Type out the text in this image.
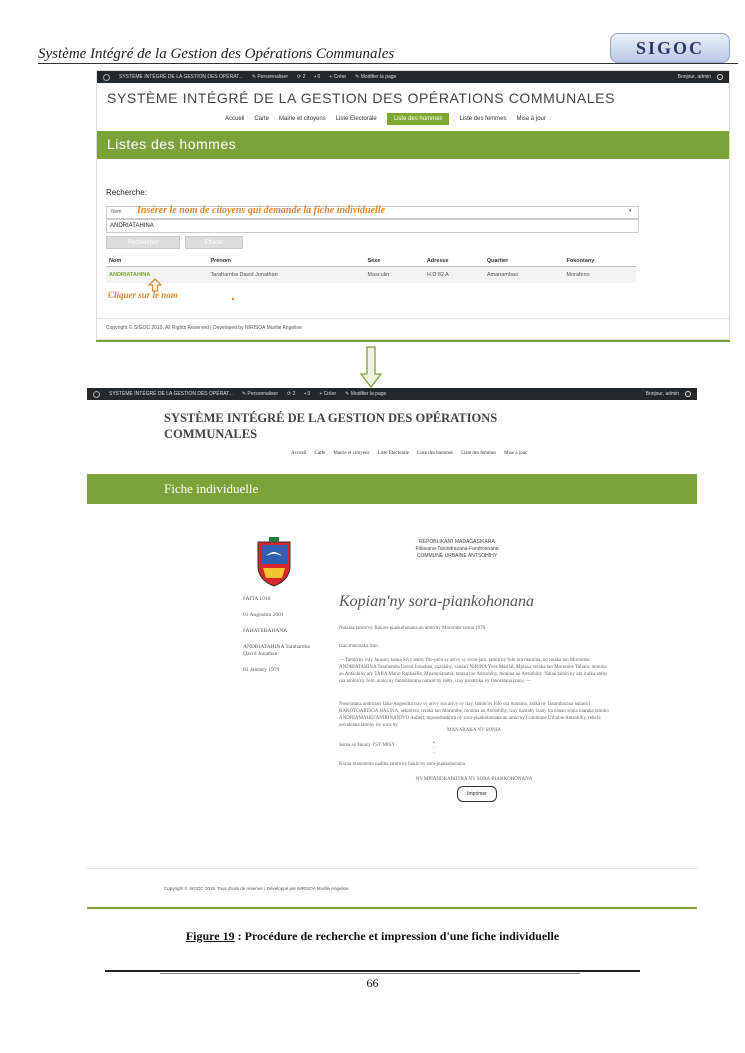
Système Intégré de la Gestion des Opérations Communales	SIGOC
SYSTÈME INTÉGRÉ DE LA GESTION DES OPÉRAT... ✎ Personnaliser ⟳ 2 ▪ 0 + Créer ✎ Modifier la page	Bonjour, admin
SYSTÈME INTÉGRÉ DE LA GESTION DES OPÉRATIONS COMMUNALES
Accueil Carte Mairie et citoyens Liste Electorale	Liste des hommes	Liste des femmes Mise à jour
Listes des hommes
Recherche:
Nom Insérer le nom de citoyens qui demande la fiche individuelle	▾
ANDRIATAHINA
Rechercher	Effacer
Nom	Prénom	Sexe	Adresse	Quartier	Fokontany
ANDRIATAHINA	Tarahamba David Jonathan	Masculin	H.D 82 A	Amanambao	Morafeno
Cliquer sur le nom
Copyright © SIGOC 2019. All Rights Reserved | Developed by NIRISOA Murille Angeline
SYSTÈME INTÉGRÉ DE LA GESTION DES OPÉRAT... ✎ Personnaliser ⟳ 2 ▪ 0 + Créer ✎ Modifier la page	Bonjour, admin
SYSTÈME INTÉGRÉ DE LA GESTION DES OPÉRATIONS COMMUNALES
Accueil Carte Mairie et citoyens Liste Electorale Liste des hommes Liste des femmes Mise à jour
Fiche individuelle
REPOBLIKAN'I MADAGASIKARA
Fitiavana-Tanindrazana-Fandrosoana
COMMUNE URBAINE ANTSOHIHY
FAITA 1016
01 Aogositra 2001
FAHATERAHANA
ANDRIATAHINA Tarahamba
David Jonathan
01 Janoary 1979
Kopian'ny sora-piankohonana
Nalaina tamin'ny Bokim-piankohonana ao amin'ny Morombe taona 1979.
Izao manaraka izao.
— Tamin'ny iray Janoary taona Sivy amby fito-polo sy arivy sy sivin-jato, tamin'ny folo ora maraina, no teraka tao Morombe : ANDRIATAHINA Tarahamba David Jonathan, zazalahy, zanak'i NIRINA Yves Martial, Mpiasa, teraka tao Morombe Toliara, monina ao Antsohihy ary TARA Marie Raphaëlle, Mpampianatra, teraka tao Antsohihy, monina ao Antsohihy. Natao tamin'ny ora iraika amby roa ambin'ny folo, araka ny fanambarana nataon'ny rainy, izay nanatrika ny fanoratana izany. —
Nosoratana androany faha-Aogositra iray sy arivy roa arivy sy iray, tamin'ny folo ora maraina, araka ny fanambarana nataon'i RAKOTOARISOA HASINA, sekretera, teraka tao Morombe, monina ao Antsohihy, izay namaky izany ka nanao sonia niaraka tamiko ANDRIAMAHEFANIRINANIVO Aubert, mpiandraikitra ny sora-piankohonana ao amin'ny Commune Urbaine Antsohihy, rehefa novakiana taminy ity sora-ity.
MANARAKA NY SONIA
Sonia sy fakany TSY MISY	•
-
-
Kopia manontolo nadika tamin'ny bokin'ny sora-piankohonana.
NY MPIANDRAIKITRA NY SORA-PIANKOHONANA
Imprimer
Copyright © SIGOC 2019. Tous droits de réserver | Développé par NIRISOA Murille Angeline
Figure 19 : Procédure de recherche et impression d'une fiche individuelle
66
